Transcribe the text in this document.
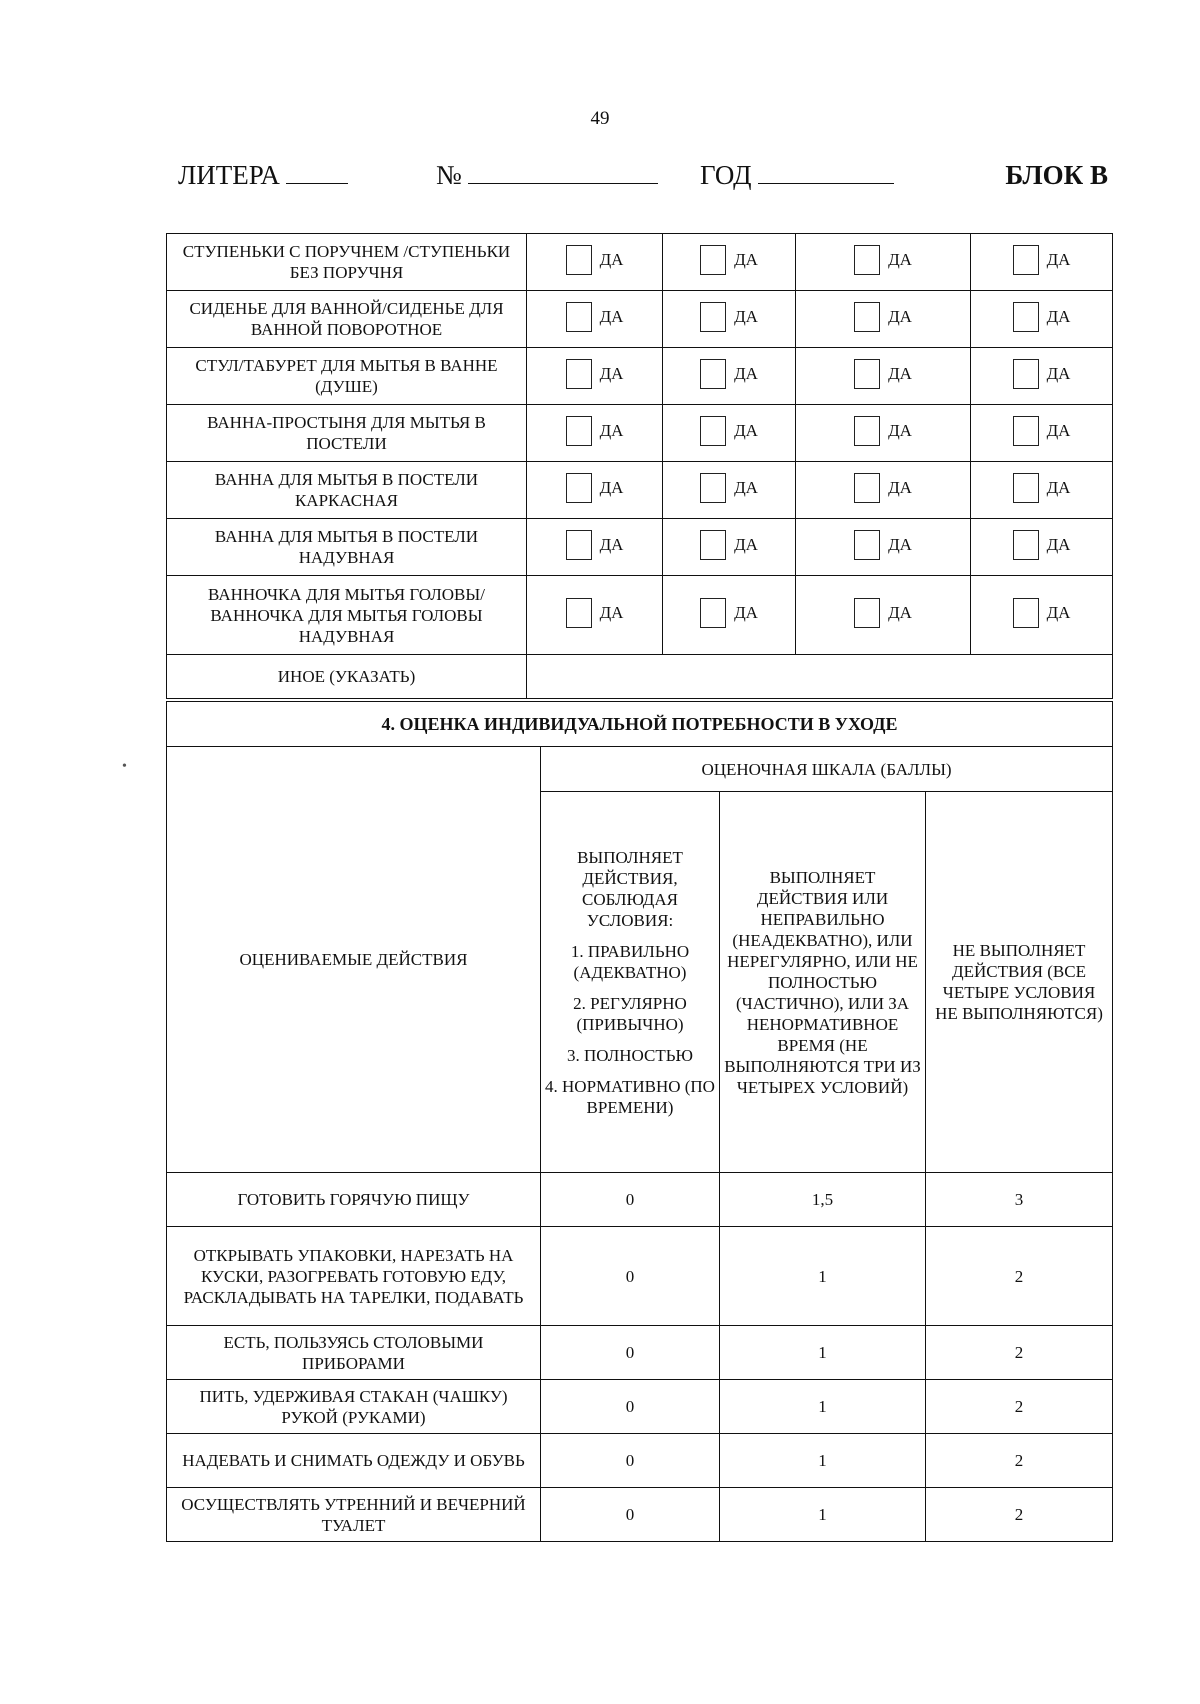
49
ЛИТЕРА	№	ГОД	БЛОК В
•
СТУПЕНЬКИ С ПОРУЧНЕМ /СТУПЕНЬКИ БЕЗ ПОРУЧНЯ	ДА	ДА	ДА	ДА

СИДЕНЬЕ ДЛЯ ВАННОЙ/СИДЕНЬЕ ДЛЯ ВАННОЙ ПОВОРОТНОЕ	ДА	ДА	ДА	ДА

СТУЛ/ТАБУРЕТ ДЛЯ МЫТЬЯ В ВАННЕ (ДУШЕ)	ДА	ДА	ДА	ДА

ВАННА-ПРОСТЫНЯ ДЛЯ МЫТЬЯ В ПОСТЕЛИ	ДА	ДА	ДА	ДА

ВАННА ДЛЯ МЫТЬЯ В ПОСТЕЛИ КАРКАСНАЯ	ДА	ДА	ДА	ДА

ВАННА ДЛЯ МЫТЬЯ В ПОСТЕЛИ НАДУВНАЯ	ДА	ДА	ДА	ДА

ВАННОЧКА ДЛЯ МЫТЬЯ ГОЛОВЫ/ ВАННОЧКА ДЛЯ МЫТЬЯ ГОЛОВЫ НАДУВНАЯ	ДА	ДА	ДА	ДА

ИНОЕ (УКАЗАТЬ)				
4. ОЦЕНКА ИНДИВИДУАЛЬНОЙ ПОТРЕБНОСТИ В УХОДЕ			
ОЦЕНИВАЕМЫЕ ДЕЙСТВИЯ	ОЦЕНОЧНАЯ ШКАЛА (БАЛЛЫ)		

	ВЫПОЛНЯЕТ ДЕЙСТВИЯ, СОБЛЮДАЯ УСЛОВИЯ:
1. ПРАВИЛЬНО (АДЕКВАТНО)
2. РЕГУЛЯРНО (ПРИВЫЧНО)
3. ПОЛНОСТЬЮ
4. НОРМАТИВНО (ПО ВРЕМЕНИ)	ВЫПОЛНЯЕТ ДЕЙСТВИЯ ИЛИ НЕПРАВИЛЬНО (НЕАДЕКВАТНО), ИЛИ НЕРЕГУЛЯРНО, ИЛИ НЕ ПОЛНОСТЬЮ (ЧАСТИЧНО), ИЛИ ЗА НЕНОРМАТИВНОЕ ВРЕМЯ (НЕ ВЫПОЛНЯЮТСЯ ТРИ ИЗ ЧЕТЫРЕХ УСЛОВИЙ)	НЕ ВЫПОЛНЯЕТ ДЕЙСТВИЯ (ВСЕ ЧЕТЫРЕ УСЛОВИЯ НЕ ВЫПОЛНЯЮТСЯ)
ГОТОВИТЬ ГОРЯЧУЮ ПИЩУ	0	1,5	3
ОТКРЫВАТЬ УПАКОВКИ, НАРЕЗАТЬ НА КУСКИ, РАЗОГРЕВАТЬ ГОТОВУЮ ЕДУ, РАСКЛАДЫВАТЬ НА ТАРЕЛКИ, ПОДАВАТЬ	0	1	2
ЕСТЬ, ПОЛЬЗУЯСЬ СТОЛОВЫМИ ПРИБОРАМИ	0	1	2
ПИТЬ, УДЕРЖИВАЯ СТАКАН (ЧАШКУ) РУКОЙ (РУКАМИ)	0	1	2
НАДЕВАТЬ И СНИМАТЬ ОДЕЖДУ И ОБУВЬ	0	1	2
ОСУЩЕСТВЛЯТЬ УТРЕННИЙ И ВЕЧЕРНИЙ ТУАЛЕТ	0	1	2
